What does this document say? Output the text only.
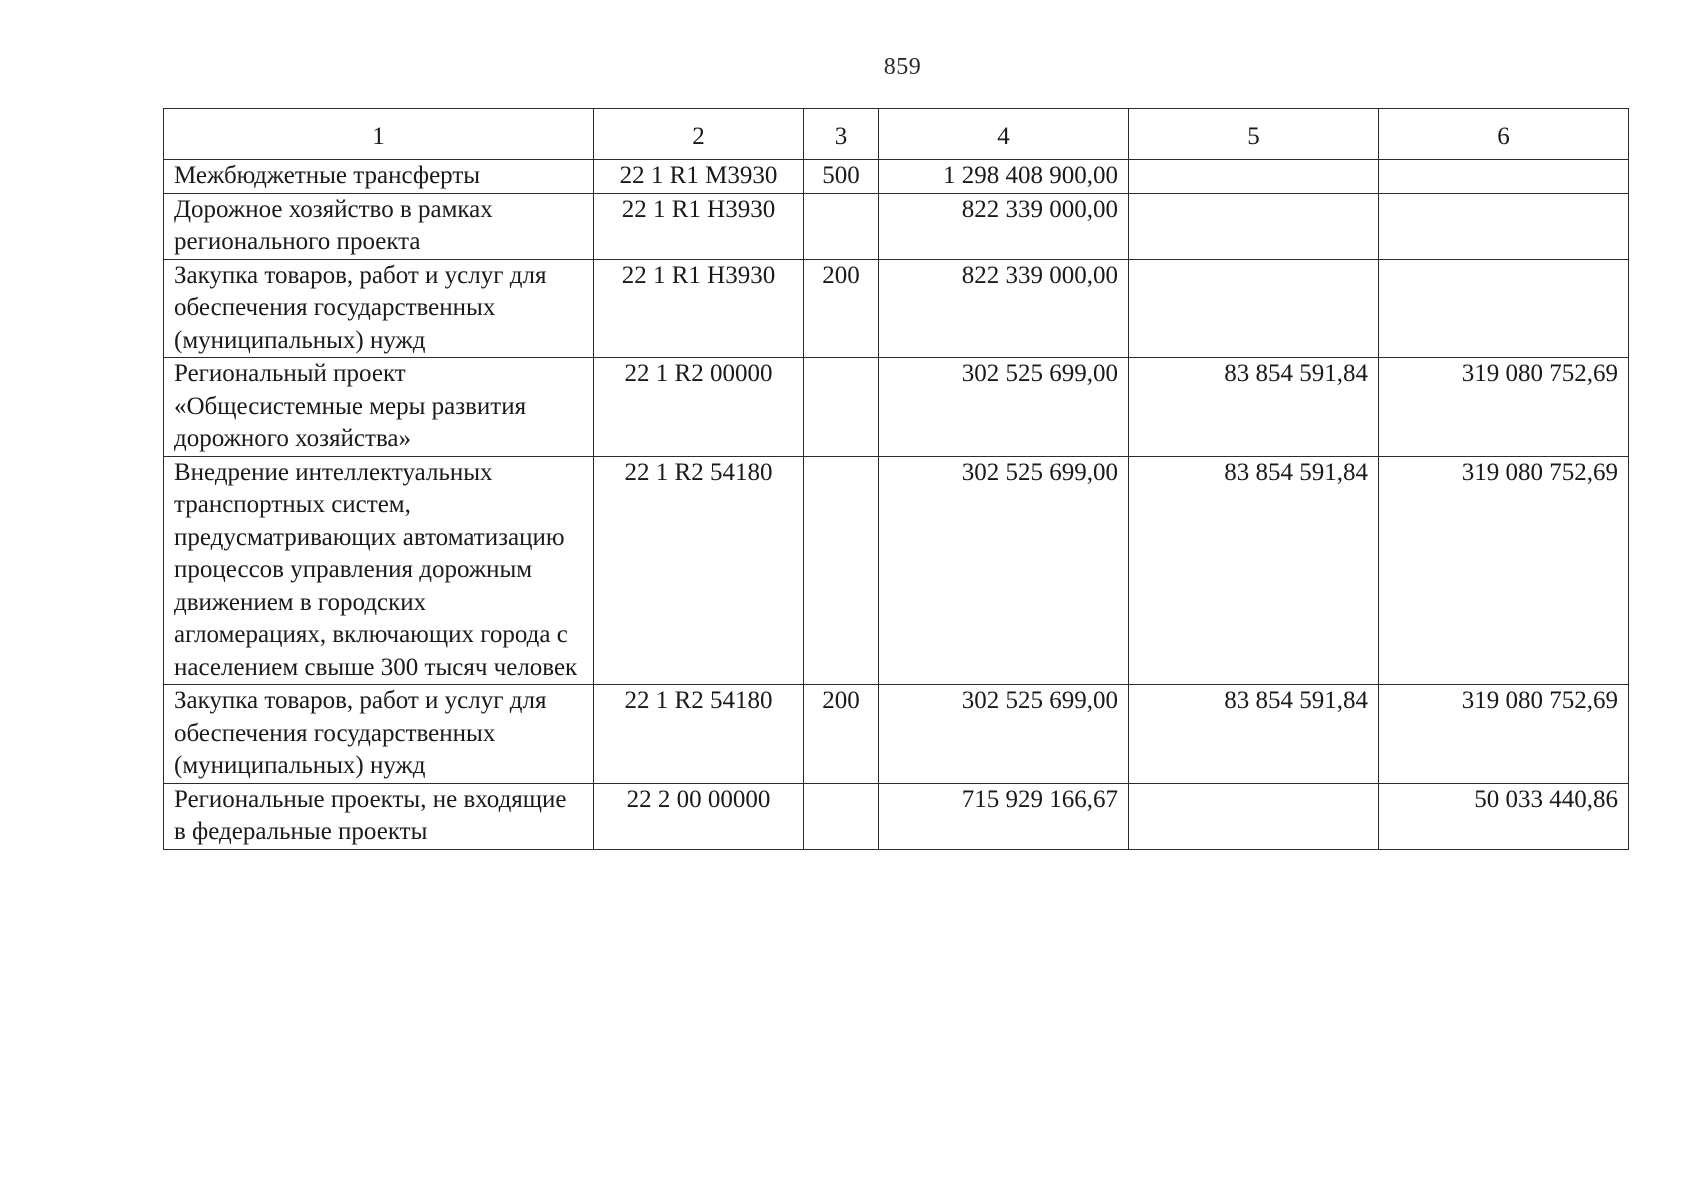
859
1	2	3	4	5	6
Межбюджетные трансферты	22 1 R1 M3930	500	1 298 408 900,00		
Дорожное хозяйство в рамках регионального проекта	22 1 R1 H3930		822 339 000,00		
Закупка товаров, работ и услуг для обеспечения государственных (муниципальных) нужд	22 1 R1 H3930	200	822 339 000,00		
Региональный проект «Общесистемные меры развития дорожного хозяйства»	22 1 R2 00000		302 525 699,00	83 854 591,84	319 080 752,69
Внедрение интеллектуальных транспортных систем, предусматривающих автоматизацию процессов управления дорожным движением в городских агломерациях, включающих города с населением свыше 300 тысяч человек	22 1 R2 54180		302 525 699,00	83 854 591,84	319 080 752,69
Закупка товаров, работ и услуг для обеспечения государственных (муниципальных) нужд	22 1 R2 54180	200	302 525 699,00	83 854 591,84	319 080 752,69
Региональные проекты, не входящие в федеральные проекты	22 2 00 00000		715 929 166,67		50 033 440,86
